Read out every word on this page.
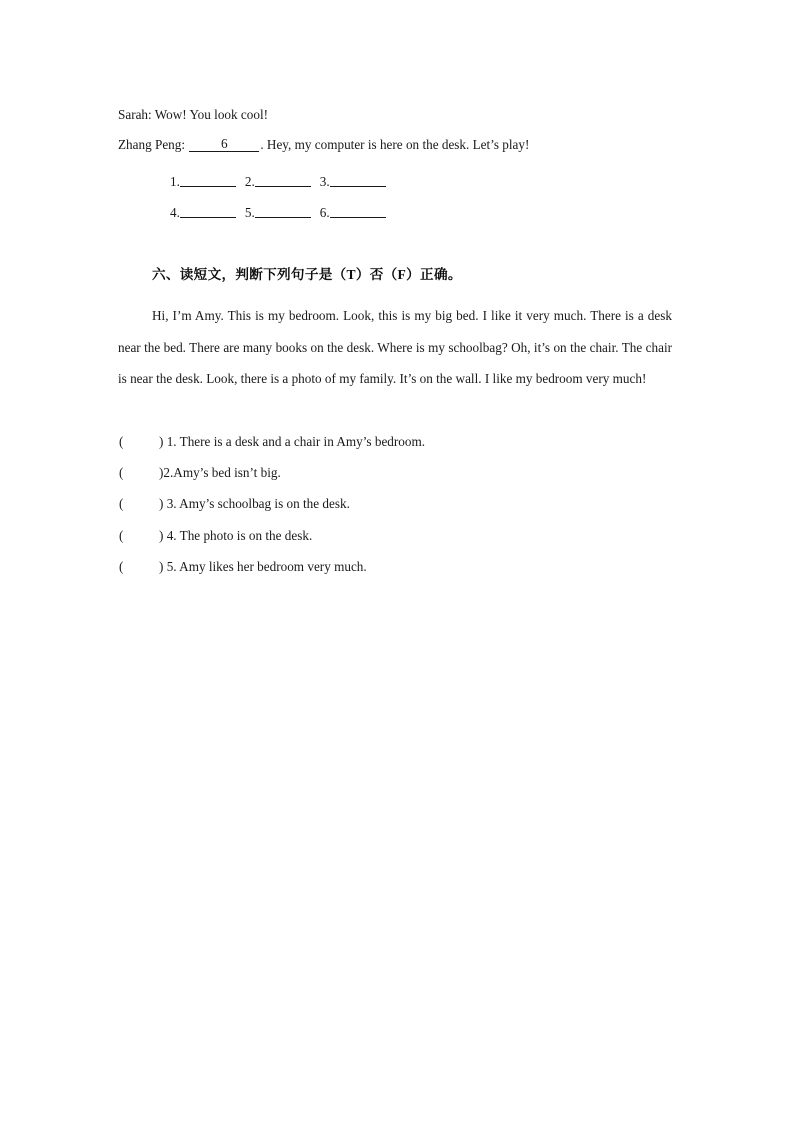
Sarah: Wow! You look cool!
Zhang Peng:	6 . Hey, my computer is here on the desk. Let’s play!
1.	2.	3.
4.	5.	6.
六、读短文，判断下列句子是（T）否（F）正确。
Hi, I’m Amy. This is my bedroom. Look, this is my big bed. I like it very much. There is a desk near the bed. There are many books on the desk. Where is my schoolbag? Oh, it’s on the chair. The chair is near the desk. Look, there is a photo of my family. It’s on the wall. I like my bedroom very much!
(	) 1. There is a desk and a chair in Amy’s bedroom.
(	)2.Amy’s bed isn’t big.
(	) 3. Amy’s schoolbag is on the desk.
(	) 4. The photo is on the desk.
(	) 5. Amy likes her bedroom very much.
